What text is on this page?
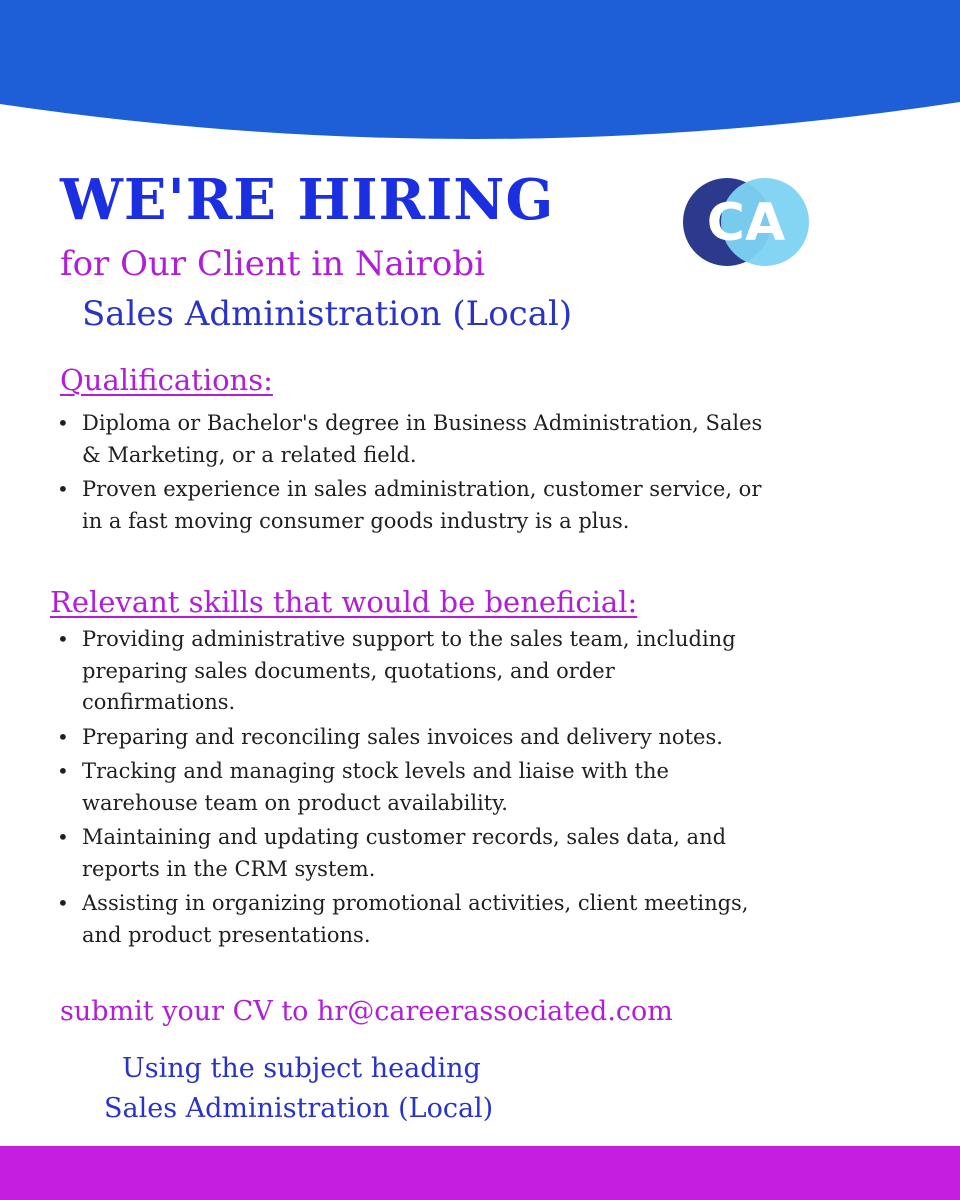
CA
WE'RE HIRING
for Our Client in Nairobi
Sales Administration (Local)
Qualifications:
• Diploma or Bachelor's degree in Business Administration, Sales & Marketing, or a related field.
• Proven experience in sales administration, customer service, or in a fast moving consumer goods industry is a plus.
Relevant skills that would be beneficial:
• Providing administrative support to the sales team, including preparing sales documents, quotations, and order confirmations.
• Preparing and reconciling sales invoices and delivery notes.
• Tracking and managing stock levels and liaise with the warehouse team on product availability.
• Maintaining and updating customer records, sales data, and reports in the CRM system.
• Assisting in organizing promotional activities, client meetings, and product presentations.
submit your CV to hr@careerassociated.com
Using the subject heading
Sales Administration (Local)
